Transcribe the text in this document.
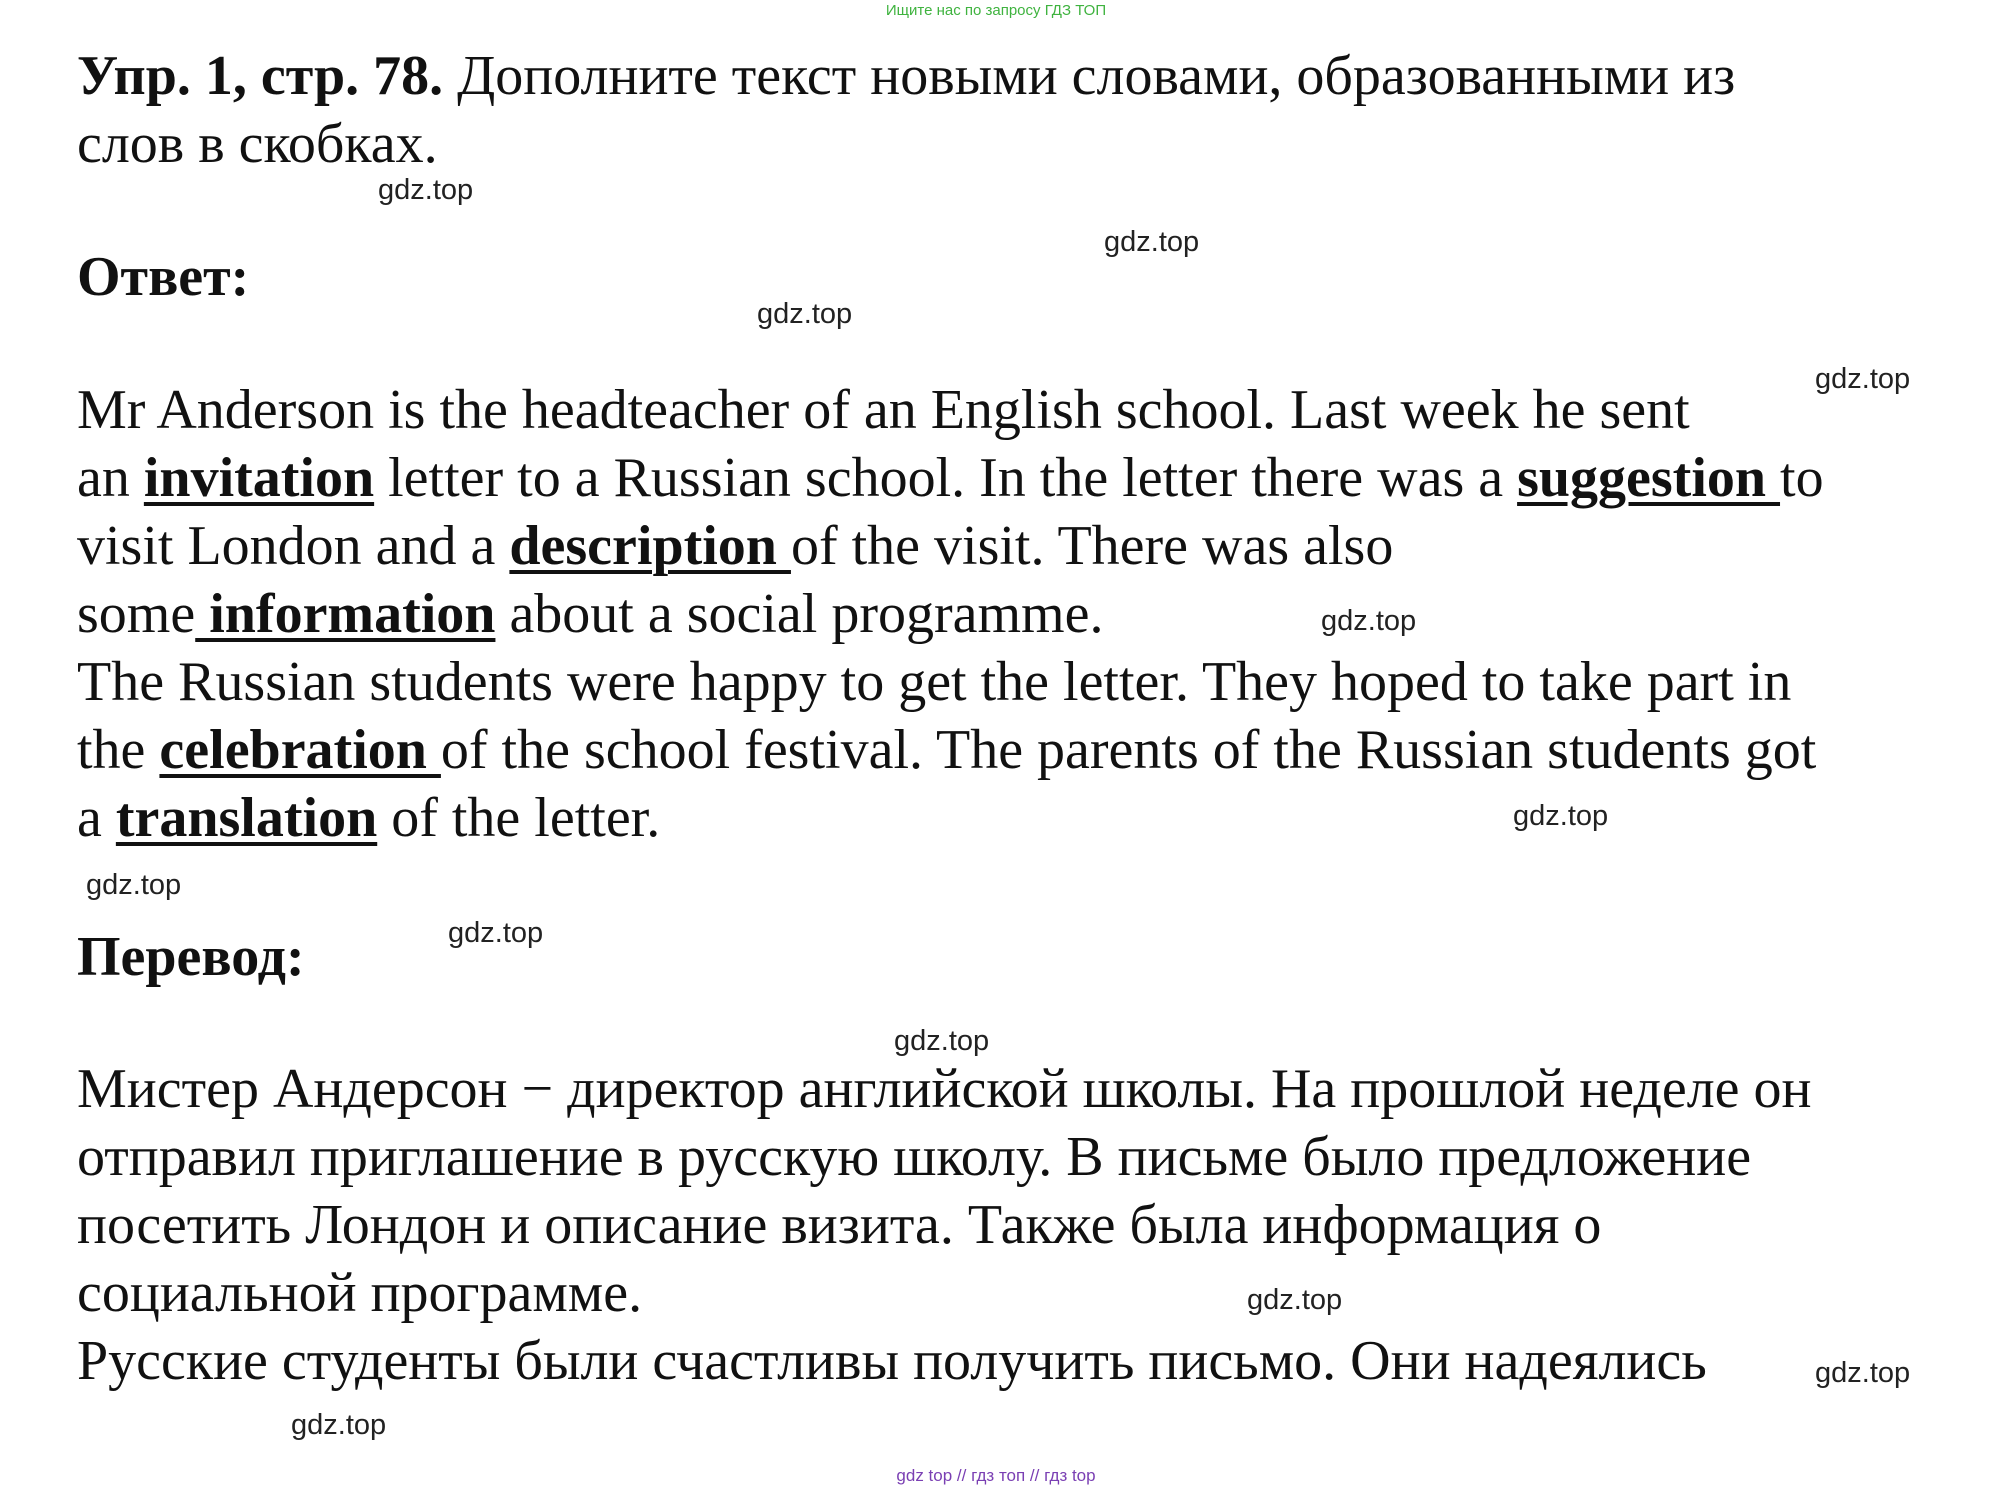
Ищите нас по запросу ГДЗ ТОП

Упр. 1, стр. 78. Дополните текст новыми словами, образованными из
слов в скобках.

Ответ:
Mr Anderson is the headteacher of an English school. Last week he sent
an invitation letter to a Russian school. In the letter there was a suggestion to
visit London and a description of the visit. There was also
some information about a social programme.
The Russian students were happy to get the letter. They hoped to take part in
the celebration of the school festival. The parents of the Russian students got
a translation of the letter.
Перевод:
Мистер Андерсон − директор английской школы. На прошлой неделе он
отправил приглашение в русскую школу. В письме было предложение
посетить Лондон и описание визита. Также была информация о
социальной программе.
Русские студенты были счастливы получить письмо. Они надеялись
gdz.top
gdz.top
gdz.top
gdz.top
gdz.top
gdz.top
gdz.top
gdz.top
gdz.top
gdz.top
gdz.top
gdz.top
gdz top // гдз топ // гдз top
